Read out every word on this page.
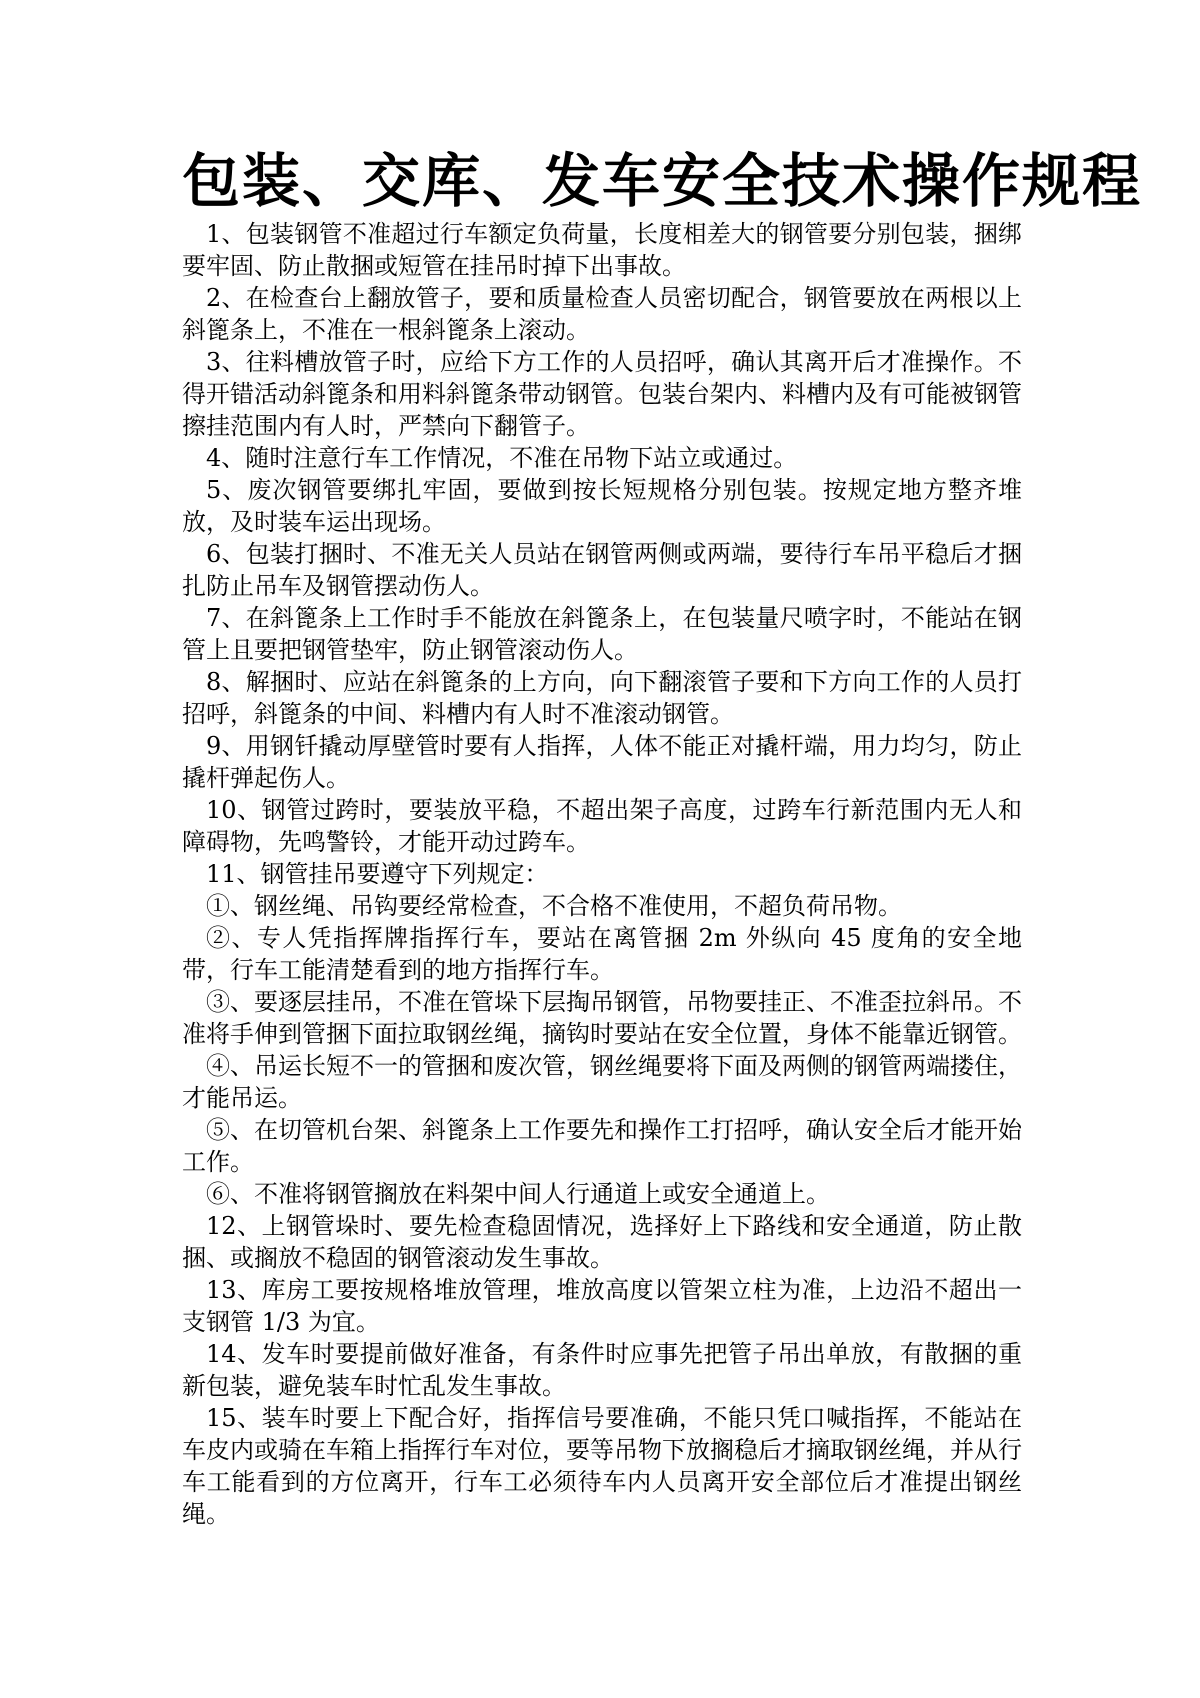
包装、交库、发车安全技术操作规程

1、包装钢管不准超过行车额定负荷量，长度相差大的钢管要分别包装，捆绑要牢固、防止散捆或短管在挂吊时掉下出事故。

2、在检查台上翻放管子，要和质量检查人员密切配合，钢管要放在两根以上斜篦条上，不准在一根斜篦条上滚动。

3、往料槽放管子时，应给下方工作的人员招呼，确认其离开后才准操作。不得开错活动斜篦条和用料斜篦条带动钢管。包装台架内、料槽内及有可能被钢管擦挂范围内有人时，严禁向下翻管子。

4、随时注意行车工作情况，不准在吊物下站立或通过。

5、废次钢管要绑扎牢固，要做到按长短规格分别包装。按规定地方整齐堆放，及时装车运出现场。

6、包装打捆时、不准无关人员站在钢管两侧或两端，要待行车吊平稳后才捆扎防止吊车及钢管摆动伤人。

7、在斜篦条上工作时手不能放在斜篦条上，在包装量尺喷字时，不能站在钢管上且要把钢管垫牢，防止钢管滚动伤人。

8、解捆时、应站在斜篦条的上方向，向下翻滚管子要和下方向工作的人员打招呼，斜篦条的中间、料槽内有人时不准滚动钢管。

9、用钢钎撬动厚壁管时要有人指挥，人体不能正对撬杆端，用力均匀，防止撬杆弹起伤人。

10、钢管过跨时，要装放平稳，不超出架子高度，过跨车行新范围内无人和障碍物，先鸣警铃，才能开动过跨车。

11、钢管挂吊要遵守下列规定：

①、钢丝绳、吊钩要经常检查，不合格不准使用，不超负荷吊物。

②、专人凭指挥牌指挥行车，要站在离管捆 2m 外纵向 45 度角的安全地带，行车工能清楚看到的地方指挥行车。

③、要逐层挂吊，不准在管垛下层掏吊钢管，吊物要挂正、不准歪拉斜吊。不准将手伸到管捆下面拉取钢丝绳，摘钩时要站在安全位置，身体不能靠近钢管。

④、吊运长短不一的管捆和废次管，钢丝绳要将下面及两侧的钢管两端搂住，才能吊运。

⑤、在切管机台架、斜篦条上工作要先和操作工打招呼，确认安全后才能开始工作。

⑥、不准将钢管搁放在料架中间人行通道上或安全通道上。

12、上钢管垛时、要先检查稳固情况，选择好上下路线和安全通道，防止散捆、或搁放不稳固的钢管滚动发生事故。

13、库房工要按规格堆放管理，堆放高度以管架立柱为准，上边沿不超出一支钢管 1/3 为宜。

14、发车时要提前做好准备，有条件时应事先把管子吊出单放，有散捆的重新包装，避免装车时忙乱发生事故。

15、装车时要上下配合好，指挥信号要准确，不能只凭口喊指挥，不能站在车皮内或骑在车箱上指挥行车对位，要等吊物下放搁稳后才摘取钢丝绳，并从行车工能看到的方位离开，行车工必须待车内人员离开安全部位后才准提出钢丝绳。
